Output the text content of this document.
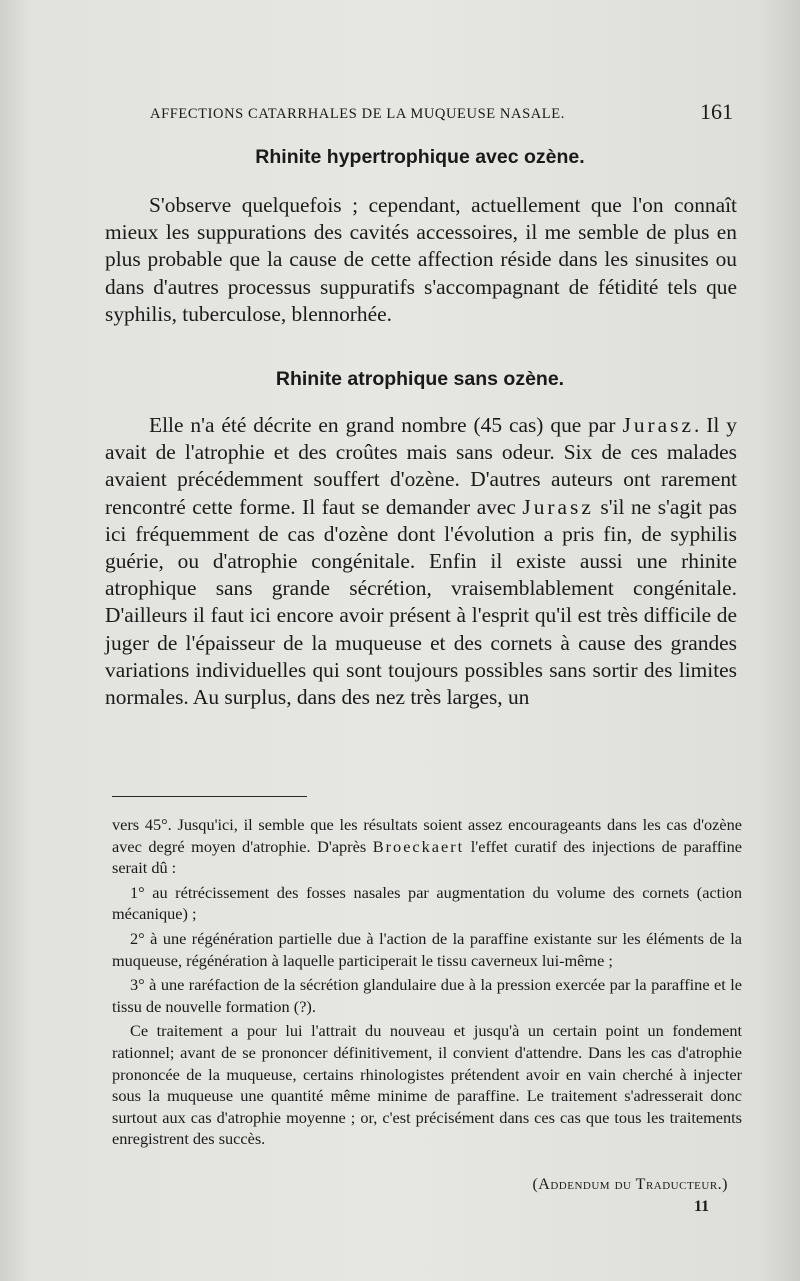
AFFECTIONS CATARRHALES DE LA MUQUEUSE NASALE.	161
Rhinite hypertrophique avec ozène.

S'observe quelquefois ; cependant, actuellement que l'on connaît mieux les suppurations des cavités accessoires, il me semble de plus en plus probable que la cause de cette affection réside dans les sinusites ou dans d'autres processus suppuratifs s'accompagnant de fétidité tels que syphilis, tuberculose, blennorhée.

Rhinite atrophique sans ozène.

Elle n'a été décrite en grand nombre (45 cas) que par Jurasz. Il y avait de l'atrophie et des croûtes mais sans odeur. Six de ces malades avaient précédemment souffert d'ozène. D'autres auteurs ont rarement rencontré cette forme. Il faut se demander avec Jurasz s'il ne s'agit pas ici fréquemment de cas d'ozène dont l'évolution a pris fin, de syphilis guérie, ou d'atrophie congénitale. Enfin il existe aussi une rhinite atrophique sans grande sécrétion, vraisemblablement congénitale. D'ailleurs il faut ici encore avoir présent à l'esprit qu'il est très difficile de juger de l'épaisseur de la muqueuse et des cornets à cause des grandes variations individuelles qui sont toujours possibles sans sortir des limites normales. Au surplus, dans des nez très larges, un

vers 45°. Jusqu'ici, il semble que les résultats soient assez encourageants dans les cas d'ozène avec degré moyen d'atrophie. D'après Broeckaert l'effet curatif des injections de paraffine serait dû :

1° au rétrécissement des fosses nasales par augmentation du volume des cornets (action mécanique) ;

2° à une régénération partielle due à l'action de la paraffine existante sur les éléments de la muqueuse, régénération à laquelle participerait le tissu caverneux lui-même ;

3° à une raréfaction de la sécrétion glandulaire due à la pression exercée par la paraffine et le tissu de nouvelle formation (?).

Ce traitement a pour lui l'attrait du nouveau et jusqu'à un certain point un fondement rationnel; avant de se prononcer définitivement, il convient d'attendre. Dans les cas d'atrophie prononcée de la muqueuse, certains rhinologistes prétendent avoir en vain cherché à injecter sous la muqueuse une quantité même minime de paraffine. Le traitement s'adresserait donc surtout aux cas d'atrophie moyenne ; or, c'est précisément dans ces cas que tous les traitements enregistrent des succès.

(Addendum du Traducteur.)
11
